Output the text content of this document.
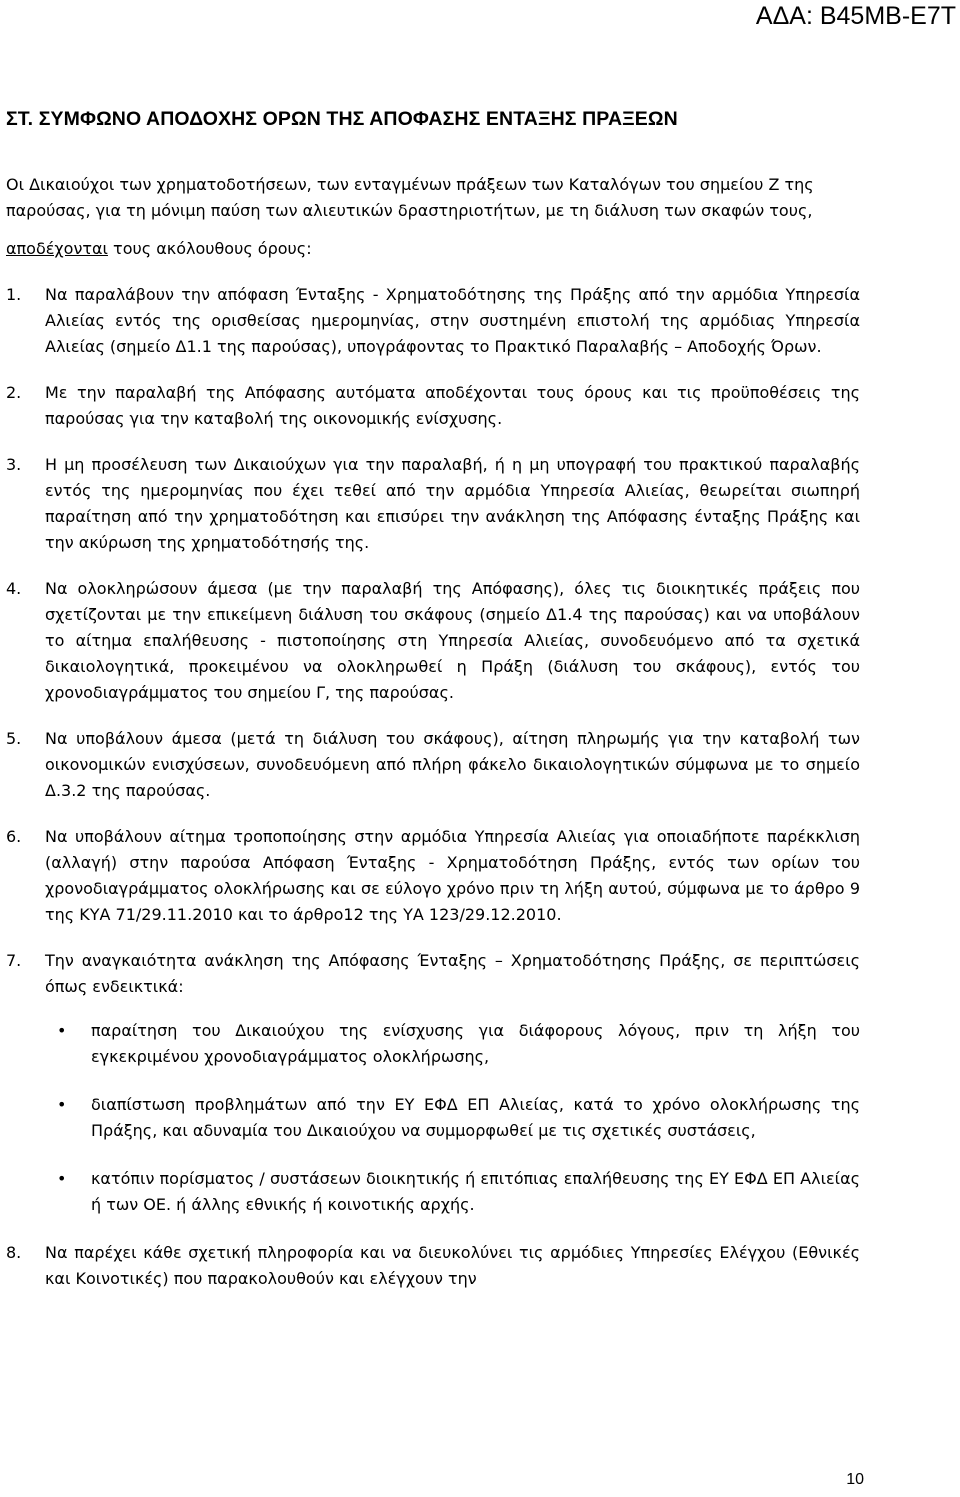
ΑΔΑ: Β45ΜΒ-Ε7Τ
ΣΤ. ΣΥΜΦΩΝΟ ΑΠΟΔΟΧΗΣ ΟΡΩΝ ΤΗΣ ΑΠΟΦΑΣΗΣ ΕΝΤΑΞΗΣ ΠΡΑΞΕΩΝ

Οι Δικαιούχοι των χρηματοδοτήσεων, των ενταγμένων πράξεων των Καταλόγων του σημείου Ζ της παρούσας, για τη μόνιμη παύση των αλιευτικών δραστηριοτήτων, με τη διάλυση των σκαφών τους,

αποδέχονται τους ακόλουθους όρους:

1.	Να παραλάβουν την απόφαση Ένταξης - Χρηματοδότησης της Πράξης από την αρμόδια Υπηρεσία Αλιείας εντός της ορισθείσας ημερομηνίας, στην συστημένη επιστολή της αρμόδιας Υπηρεσία Αλιείας (σημείο Δ1.1 της παρούσας), υπογράφοντας το Πρακτικό Παραλαβής – Αποδοχής Όρων.
2.	Με την παραλαβή της Απόφασης αυτόματα αποδέχονται τους όρους και τις προϋποθέσεις της παρούσας για την καταβολή της οικονομικής ενίσχυσης.
3.	Η μη προσέλευση των Δικαιούχων για την παραλαβή, ή η μη υπογραφή του πρακτικού παραλαβής εντός της ημερομηνίας που έχει τεθεί από την αρμόδια Υπηρεσία Αλιείας, θεωρείται σιωπηρή παραίτηση από την χρηματοδότηση και επισύρει την ανάκληση της Απόφασης ένταξης Πράξης και την ακύρωση της χρηματοδότησής της.
4.	Να ολοκληρώσουν άμεσα (με την παραλαβή της Απόφασης), όλες τις διοικητικές πράξεις που σχετίζονται με την επικείμενη διάλυση του σκάφους (σημείο Δ1.4 της παρούσας) και να υποβάλουν το αίτημα επαλήθευσης - πιστοποίησης στη Υπηρεσία Αλιείας, συνοδευόμενο από τα σχετικά δικαιολογητικά, προκειμένου να ολοκληρωθεί η Πράξη (διάλυση του σκάφους), εντός του χρονοδιαγράμματος του σημείου Γ, της παρούσας.
5.	Να υποβάλουν άμεσα (μετά τη διάλυση του σκάφους), αίτηση πληρωμής για την καταβολή των οικονομικών ενισχύσεων, συνοδευόμενη από πλήρη φάκελο δικαιολογητικών σύμφωνα με το σημείο Δ.3.2 της παρούσας.
6.	Να υποβάλουν αίτημα τροποποίησης στην αρμόδια Υπηρεσία Αλιείας για οποιαδήποτε παρέκκλιση (αλλαγή) στην παρούσα Απόφαση Ένταξης - Χρηματοδότηση Πράξης, εντός των ορίων του χρονοδιαγράμματος ολοκλήρωσης και σε εύλογο χρόνο πριν τη λήξη αυτού, σύμφωνα με το άρθρο 9 της ΚΥΑ 71/29.11.2010 και το άρθρο12 της ΥΑ 123/29.12.2010.
7.	Την αναγκαιότητα ανάκληση της Απόφασης Ένταξης – Χρηματοδότησης Πράξης, σε περιπτώσεις όπως ενδεικτικά:
• παραίτηση του Δικαιούχου της ενίσχυσης για διάφορους λόγους, πριν τη λήξη του εγκεκριμένου χρονοδιαγράμματος ολοκλήρωσης,
• διαπίστωση προβλημάτων από την ΕΥ ΕΦΔ ΕΠ Αλιείας, κατά το χρόνο ολοκλήρωσης της Πράξης, και αδυναμία του Δικαιούχου να συμμορφωθεί με τις σχετικές συστάσεις,
• κατόπιν πορίσματος / συστάσεων διοικητικής ή επιτόπιας επαλήθευσης της ΕΥ ΕΦΔ ΕΠ Αλιείας ή των ΟΕ. ή άλλης εθνικής ή κοινοτικής αρχής.
8.	Να παρέχει κάθε σχετική πληροφορία και να διευκολύνει τις αρμόδιες Υπηρεσίες Ελέγχου (Εθνικές και Κοινοτικές) που παρακολουθούν και ελέγχουν την
10
